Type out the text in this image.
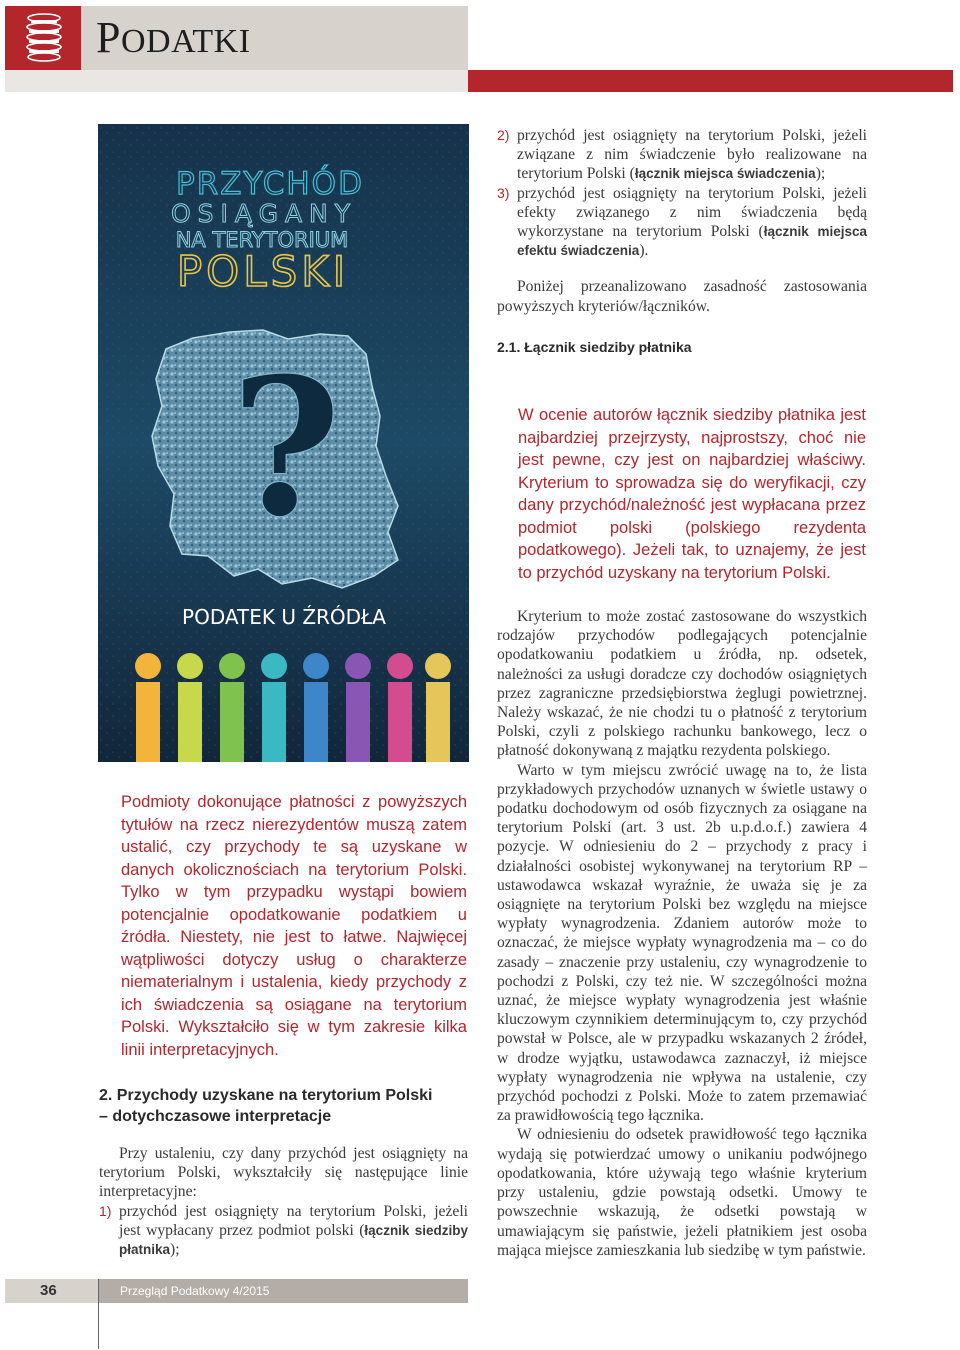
PODATKI
PRZYCHÓD
OSIĄGANY
NA TERYTORIUM
POLSKI
?
PODATEK U ŹRÓDŁA
2) przychód jest osiągnięty na terytorium Polski, jeżeli związane z nim świadczenie było realizowane na terytorium Polski (łącznik miejsca świadczenia);
3) przychód jest osiągnięty na terytorium Polski, jeżeli efekty związanego z nim świadczenia będą wykorzystane na terytorium Polski (łącznik miejsca efektu świadczenia).

Poniżej przeanalizowano zasadność zastosowania powyższych kryteriów/łączników.

2.1. Łącznik siedziby płatnika
W ocenie autorów łącznik siedziby płatnika jest najbardziej przejrzysty, najprostszy, choć nie jest pewne, czy jest on najbardziej właściwy. Kryterium to sprowadza się do weryfikacji, czy dany przychód/należność jest wypłacana przez podmiot polski (polskiego rezydenta podatkowego). Jeżeli tak, to uznajemy, że jest to przychód uzyskany na terytorium Polski.

Kryterium to może zostać zastosowane do wszystkich rodzajów przychodów podlegających potencjalnie opodatkowaniu podatkiem u źródła, np. odsetek, należności za usługi doradcze czy dochodów osiągniętych przez zagraniczne przedsiębiorstwa żeglugi powietrznej. Należy wskazać, że nie chodzi tu o płatność z terytorium Polski, czyli z polskiego rachunku bankowego, lecz o płatność dokonywaną z majątku rezydenta polskiego.

Warto w tym miejscu zwrócić uwagę na to, że lista przykładowych przychodów uznanych w świetle ustawy o podatku dochodowym od osób fizycznych za osiągane na terytorium Polski (art. 3 ust. 2b u.p.d.o.f.) zawiera 4 pozycje. W odniesieniu do 2 – przychody z pracy i działalności osobistej wykonywanej na terytorium RP – ustawodawca wskazał wyraźnie, że uważa się je za osiągnięte na terytorium Polski bez względu na miejsce wypłaty wynagrodzenia. Zdaniem autorów może to oznaczać, że miejsce wypłaty wynagrodzenia ma – co do zasady – znaczenie przy ustaleniu, czy wynagrodzenie to pochodzi z Polski, czy też nie. W szczególności można uznać, że miejsce wypłaty wynagrodzenia jest właśnie kluczowym czynnikiem determinującym to, czy przychód powstał w Polsce, ale w przypadku wskazanych 2 źródeł, w drodze wyjątku, ustawodawca zaznaczył, iż miejsce wypłaty wynagrodzenia nie wpływa na ustalenie, czy przychód pochodzi z Polski. Może to zatem przemawiać za prawidłowością tego łącznika.

W odniesieniu do odsetek prawidłowość tego łącznika wydają się potwierdzać umowy o unikaniu podwójnego opodatkowania, które używają tego właśnie kryterium przy ustaleniu, gdzie powstają odsetki. Umowy te powszechnie wskazują, że odsetki powstają w umawiającym się państwie, jeżeli płatnikiem jest osoba mająca miejsce zamieszkania lub siedzibę w tym państwie.

Podmioty dokonujące płatności z powyższych tytułów na rzecz nierezydentów muszą zatem ustalić, czy przychody te są uzyskane w danych okolicznościach na terytorium Polski. Tylko w tym przypadku wystąpi bowiem potencjalnie opodatkowanie podatkiem u źródła. Niestety, nie jest to łatwe. Najwięcej wątpliwości dotyczy usług o charakterze niematerialnym i ustalenia, kiedy przychody z ich świadczenia są osiągane na terytorium Polski. Wykształciło się w tym zakresie kilka linii interpretacyjnych.
2. Przychody uzyskane na terytorium Polski
– dotychczasowe interpretacje

Przy ustaleniu, czy dany przychód jest osiągnięty na terytorium Polski, wykształciły się następujące linie interpretacyjne:

1) przychód jest osiągnięty na terytorium Polski, jeżeli jest wypłacany przez podmiot polski (łącznik siedziby płatnika);
36	Przegląd Podatkowy 4/2015
